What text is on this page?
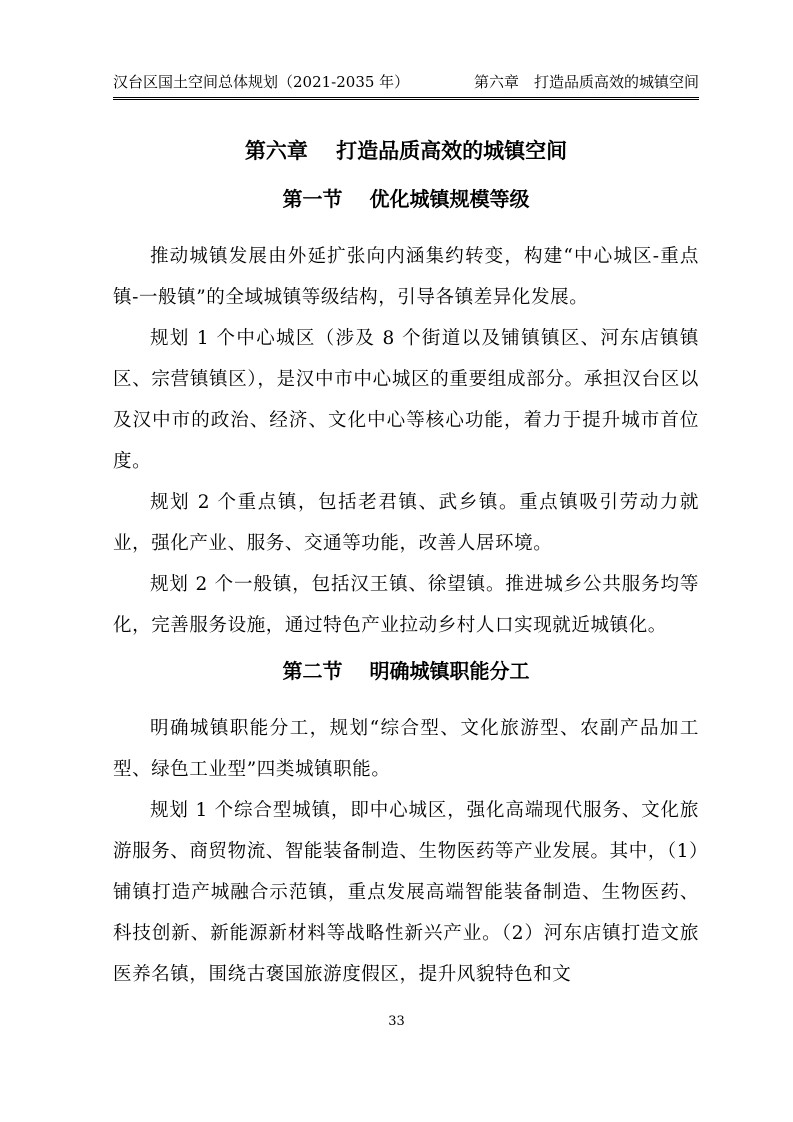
汉台区国土空间总体规划（2021-2035 年）	第六章　打造品质高效的城镇空间
第六章　 打造品质高效的城镇空间
第一节　 优化城镇规模等级

推动城镇发展由外延扩张向内涵集约转变，构建“中心城区-重点镇-一般镇”的全域城镇等级结构，引导各镇差异化发展。

规划 1 个中心城区（涉及 8 个街道以及铺镇镇区、河东店镇镇区、宗营镇镇区），是汉中市中心城区的重要组成部分。承担汉台区以及汉中市的政治、经济、文化中心等核心功能，着力于提升城市首位度。

规划 2 个重点镇，包括老君镇、武乡镇。重点镇吸引劳动力就业，强化产业、服务、交通等功能，改善人居环境。

规划 2 个一般镇，包括汉王镇、徐望镇。推进城乡公共服务均等化，完善服务设施，通过特色产业拉动乡村人口实现就近城镇化。

第二节　 明确城镇职能分工

明确城镇职能分工，规划“综合型、文化旅游型、农副产品加工型、绿色工业型”四类城镇职能。

规划 1 个综合型城镇，即中心城区，强化高端现代服务、文化旅游服务、商贸物流、智能装备制造、生物医药等产业发展。其中，（1）铺镇打造产城融合示范镇，重点发展高端智能装备制造、生物医药、科技创新、新能源新材料等战略性新兴产业。（2）河东店镇打造文旅医养名镇，围绕古褒国旅游度假区，提升风貌特色和文

33
